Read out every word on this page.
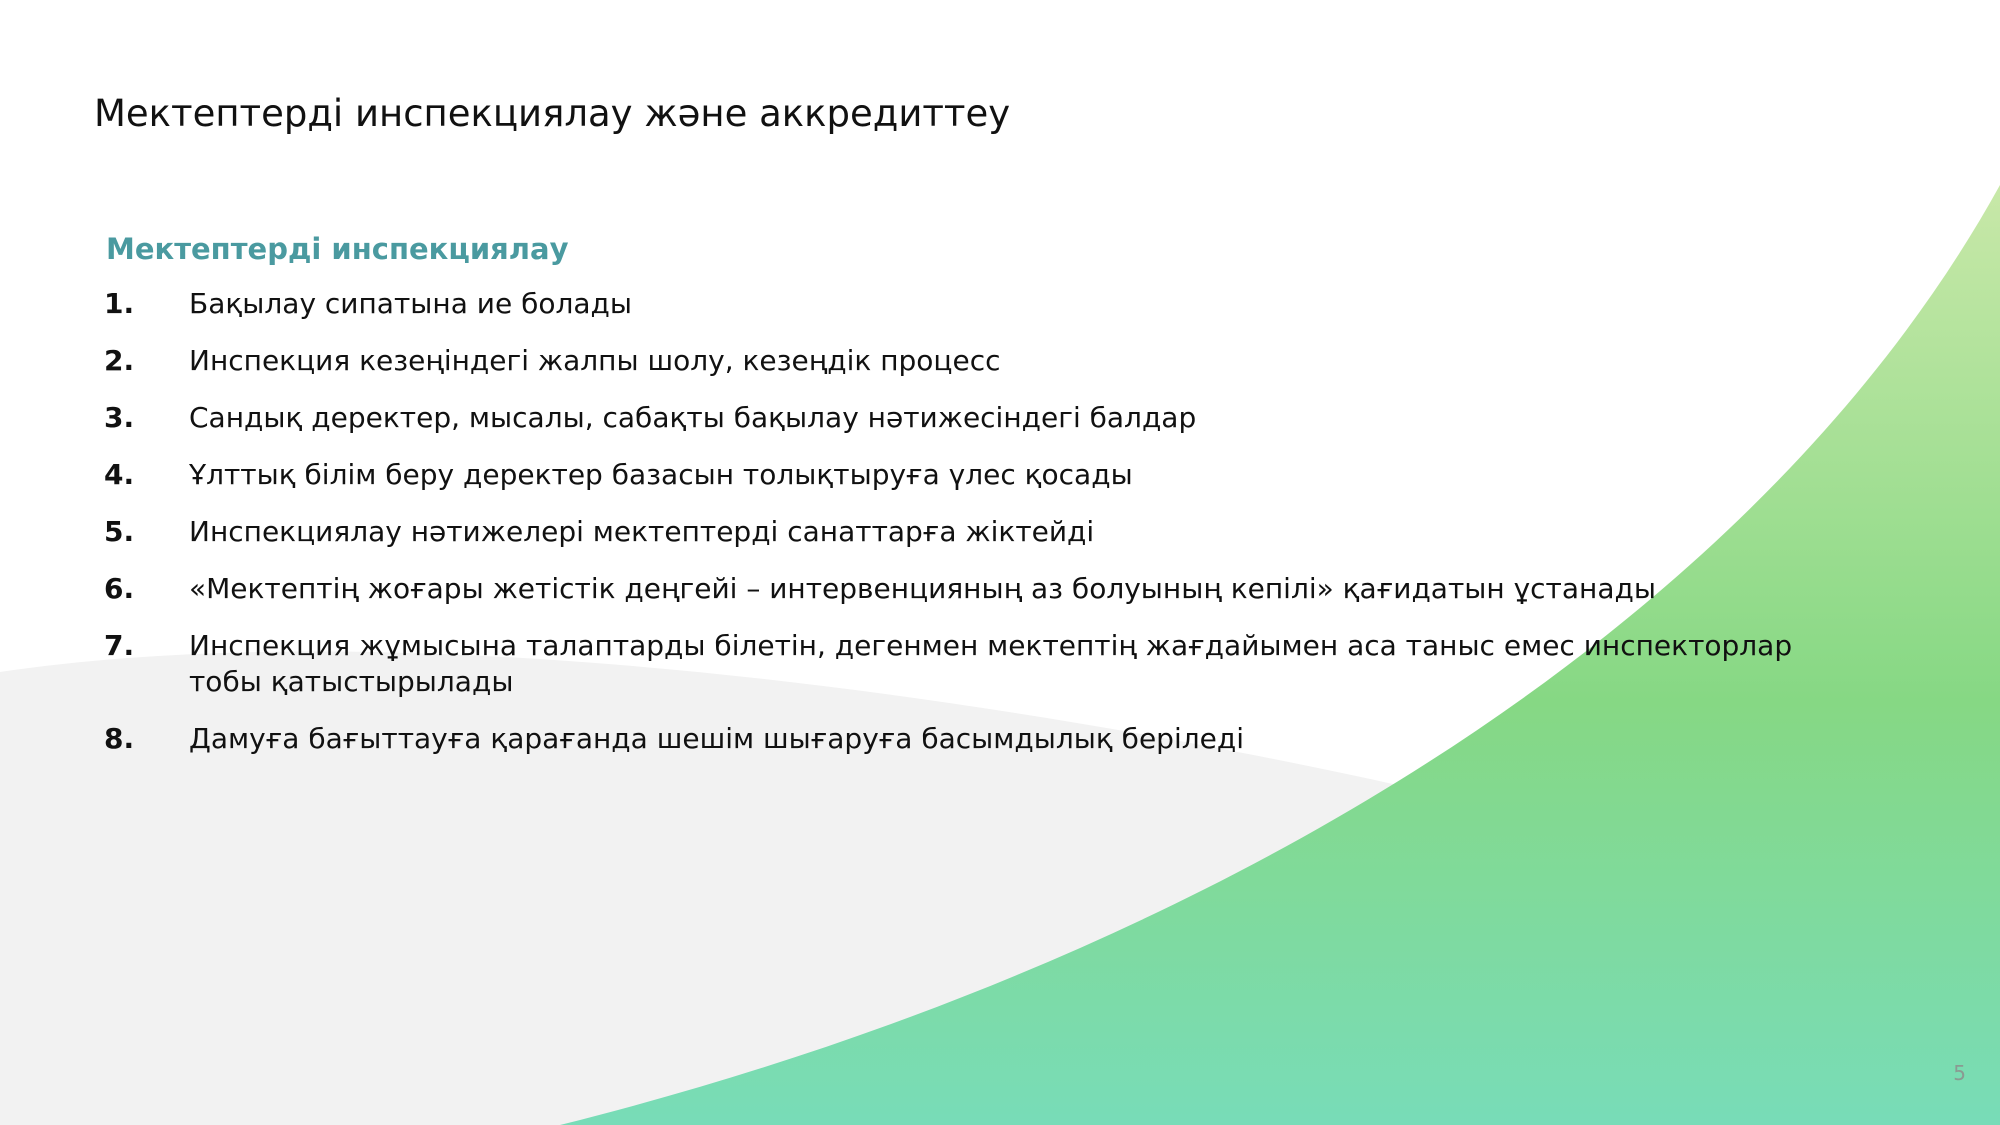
Мектептерді инспекциялау және аккредиттеу
Мектептерді инспекциялау
1. Бақылау сипатына ие болады
2. Инспекция кезеңіндегі жалпы шолу, кезеңдік процесс
3. Сандық деректер, мысалы, сабақты бақылау нәтижесіндегі балдар
4. Ұлттық білім беру деректер базасын толықтыруға үлес қосады
5. Инспекциялау нәтижелері мектептерді санаттарға жіктейді
6. «Мектептің жоғары жетістік деңгейі – интервенцияның аз болуының кепілі» қағидатын ұстанады
7. Инспекция жұмысына талаптарды білетін, дегенмен мектептің жағдайымен аса таныс емес инспекторлар тобы қатыстырылады
8. Дамуға бағыттауға қарағанда шешім шығаруға басымдылық беріледі
5
